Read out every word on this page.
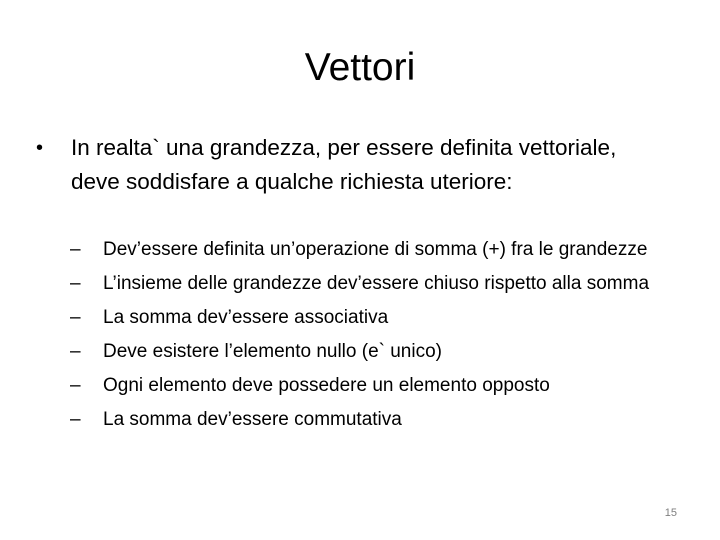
Vettori
•	In realta` una grandezza, per essere definita vettoriale, deve soddisfare a qualche richiesta uteriore:
–	Dev’essere definita un’operazione di somma (+) fra le grandezze
–	L’insieme delle grandezze dev’essere chiuso rispetto alla somma
–	La somma dev’essere associativa
–	Deve esistere l’elemento nullo (e` unico)
–	Ogni elemento deve possedere un elemento opposto
–	La somma dev’essere commutativa
15
